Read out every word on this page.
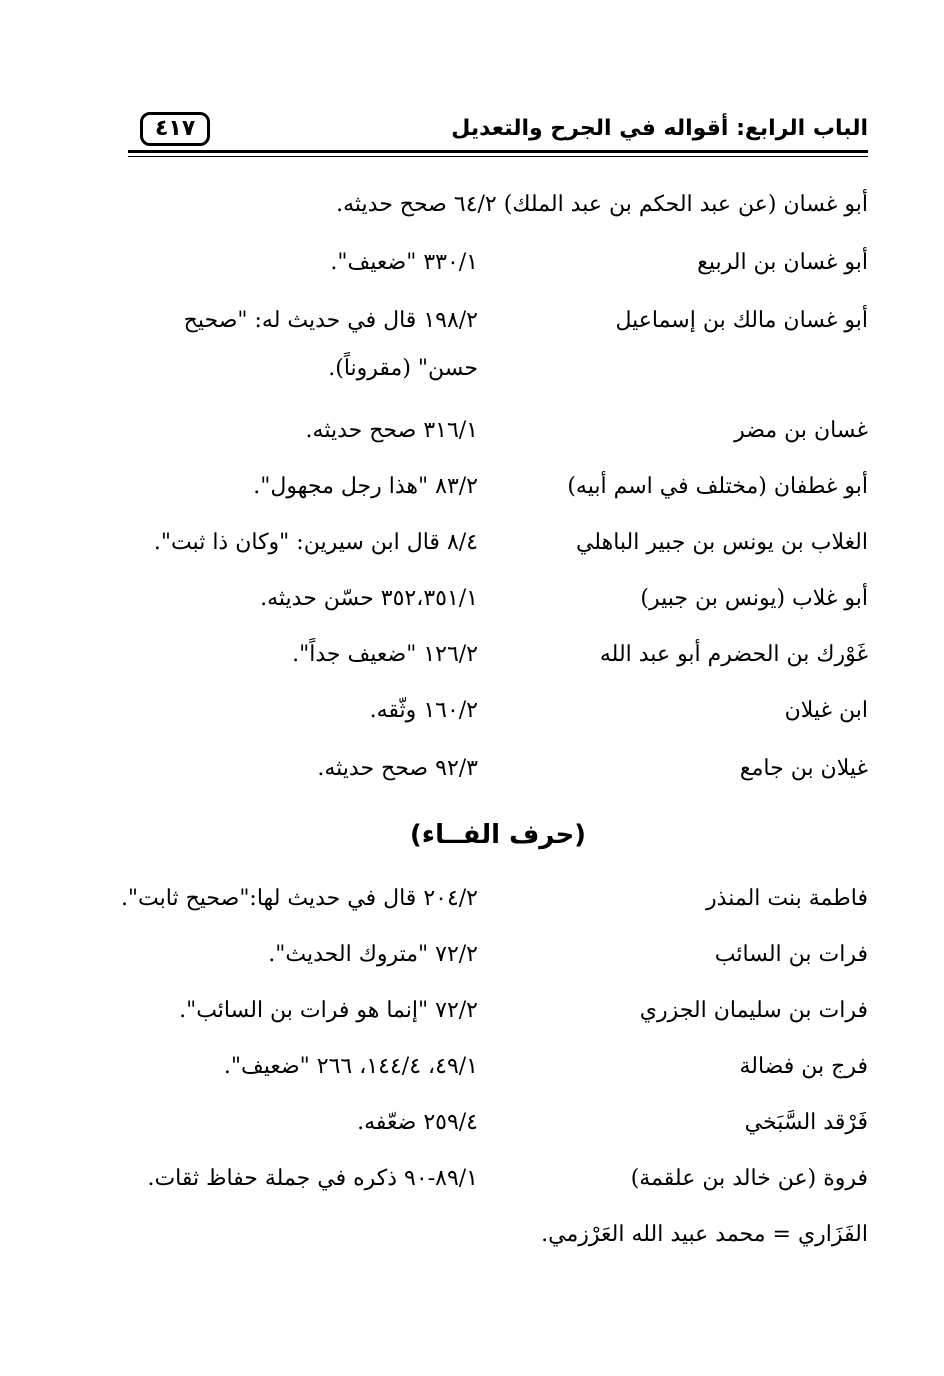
الباب الرابع: أقواله في الجرح والتعديل
٤١٧
أبو غسان (عن عبد الحكم بن عبد الملك) ٦٤/٢ صحح حديثه.
أبو غسان بن الربيع
٣٣٠/١ "ضعيف".
أبو غسان مالك بن إسماعيل
١٩٨/٢ قال في حديث له: "صحيح
حسن" (مقروناً).
غسان بن مضر
٣١٦/١ صحح حديثه.
أبو غطفان (مختلف في اسم أبيه)
٨٣/٢ "هذا رجل مجهول".
الغلاب بن يونس بن جبير الباهلي
٨/٤ قال ابن سيرين: "وكان ذا ثبت".
أبو غلاب (يونس بن جبير)
٣٥٢،٣٥١/١ حسّن حديثه.
غَوْرك بن الحضرم أبو عبد الله
١٢٦/٢ "ضعيف جداً".
ابن غيلان
١٦٠/٢ وثّقه.
غيلان بن جامع
٩٢/٣ صحح حديثه.
(حرف الفــاء)
فاطمة بنت المنذر
٢٠٤/٢ قال في حديث لها:"صحيح ثابت".
فرات بن السائب
٧٢/٢ "متروك الحديث".
فرات بن سليمان الجزري
٧٢/٢ "إنما هو فرات بن السائب".
فرج بن فضالة
٤٩/١، ١٤٤/٤، ٢٦٦ "ضعيف".
فَرْقد السَّبَخي
٢٥٩/٤ ضعّفه.
فروة (عن خالد بن علقمة)
٨٩/١-٩٠ ذكره في جملة حفاظ ثقات.
الفَزَاري = محمد عبيد الله العَرْزمي.
